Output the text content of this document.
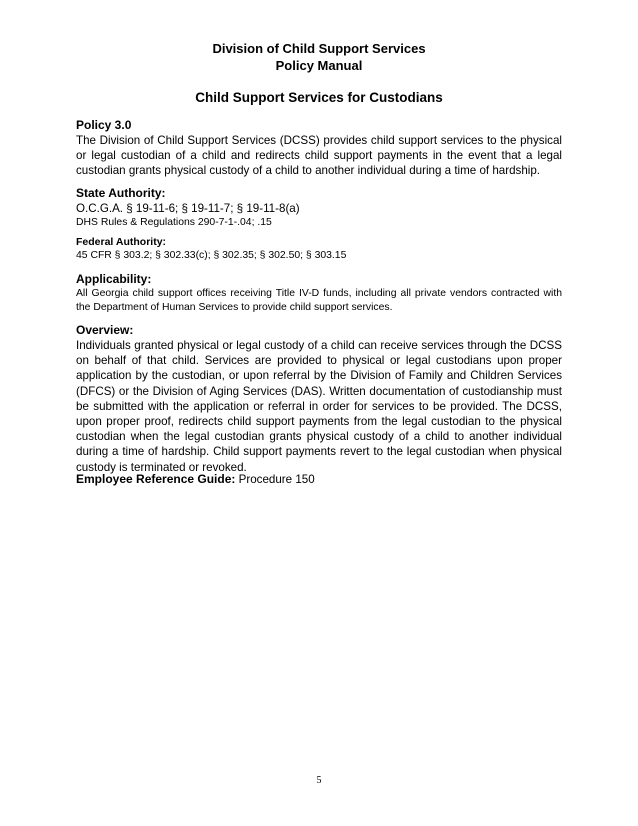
Division of Child Support Services
Policy Manual
Child Support Services for Custodians
Policy 3.0

The Division of Child Support Services (DCSS) provides child support services to the physical or legal custodian of a child and redirects child support payments in the event that a legal custodian grants physical custody of a child to another individual during a time of hardship.

State Authority:
O.C.G.A. § 19-11-6; § 19-11-7; § 19-11-8(a)
DHS Rules & Regulations 290-7-1-.04; .15
Federal Authority:
45 CFR § 303.2; § 302.33(c); § 302.35; § 302.50; § 303.15
Applicability:

All Georgia child support offices receiving Title IV-D funds, including all private vendors contracted with the Department of Human Services to provide child support services.

Overview:

Individuals granted physical or legal custody of a child can receive services through the DCSS on behalf of that child. Services are provided to physical or legal custodians upon proper application by the custodian, or upon referral by the Division of Family and Children Services (DFCS) or the Division of Aging Services (DAS). Written documentation of custodianship must be submitted with the application or referral in order for services to be provided. The DCSS, upon proper proof, redirects child support payments from the legal custodian to the physical custodian when the legal custodian grants physical custody of a child to another individual during a time of hardship. Child support payments revert to the legal custodian when physical custody is terminated or revoked.

Employee Reference Guide: Procedure 150
5
